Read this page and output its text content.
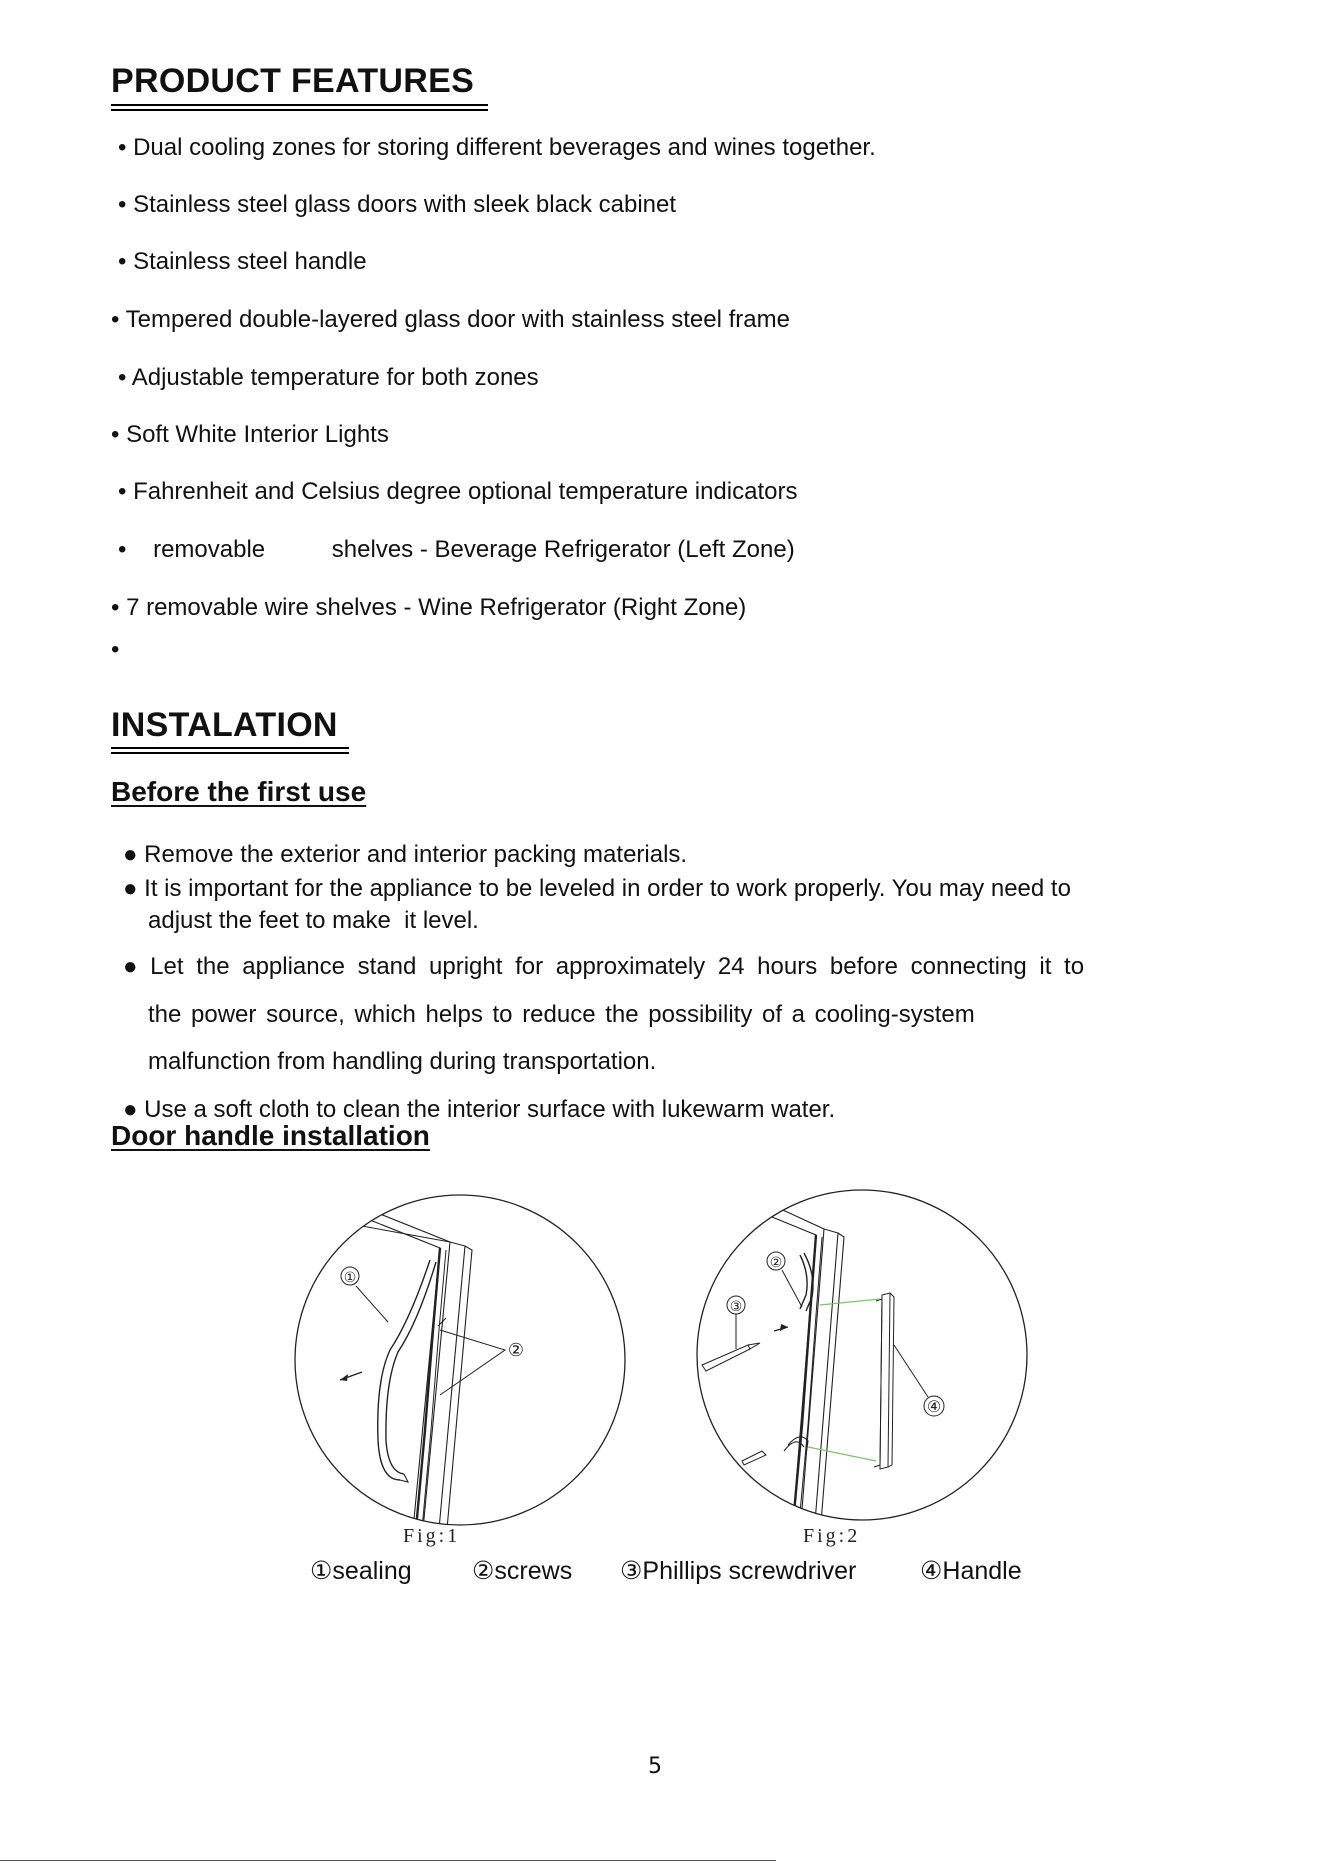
PRODUCT FEATURES
• Dual cooling zones for storing different beverages and wines together.
• Stainless steel glass doors with sleek black cabinet
• Stainless steel handle
• Tempered double-layered glass door with stainless steel frame
• Adjustable temperature for both zones
• Soft White Interior Lights
• Fahrenheit and Celsius degree optional temperature indicators
•    removable          shelves - Beverage Refrigerator (Left Zone)
• 7 removable wire shelves - Wine Refrigerator (Right Zone)
•
INSTALATION
Before the first use
● Remove the exterior and interior packing materials.
● It is important for the appliance to be leveled in order to work properly. You may need to
adjust the feet to make  it level.
● Let the appliance stand upright for approximately 24 hours before connecting it to
the power source, which helps to reduce the possibility of a cooling-system
malfunction from handling during transportation.
● Use a soft cloth to clean the interior surface with lukewarm water.
Door handle installation
①
②
②
③
④
Fig:1	Fig:2
①sealing ②screws ③Phillips screwdriver	④Handle
5
